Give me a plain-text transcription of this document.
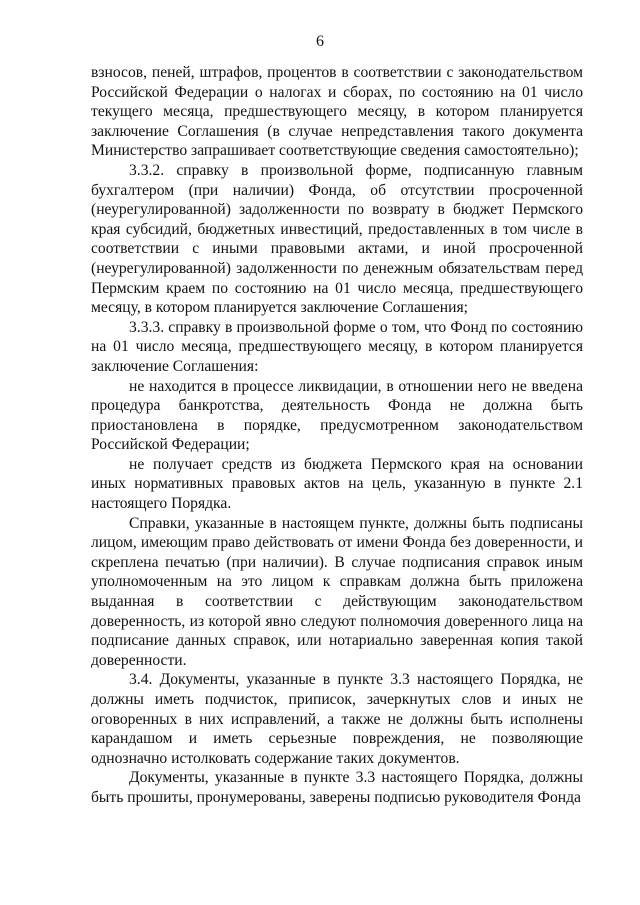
6

взносов, пеней, штрафов, процентов в соответствии с законодательством Российской Федерации о налогах и сборах, по состоянию на 01 число текущего месяца, предшествующего месяцу, в котором планируется заключение Соглашения (в случае непредставления такого документа Министерство запрашивает соответствующие сведения самостоятельно);

3.3.2. справку в произвольной форме, подписанную главным бухгалтером (при наличии) Фонда, об отсутствии просроченной (неурегулированной) задолженности по возврату в бюджет Пермского края субсидий, бюджетных инвестиций, предоставленных в том числе в соответствии с иными правовыми актами, и иной просроченной (неурегулированной) задолженности по денежным обязательствам перед Пермским краем по состоянию на 01 число месяца, предшествующего месяцу, в котором планируется заключение Соглашения;

3.3.3. справку в произвольной форме о том, что Фонд по состоянию на 01 число месяца, предшествующего месяцу, в котором планируется заключение Соглашения:

не находится в процессе ликвидации, в отношении него не введена процедура банкротства, деятельность Фонда не должна быть приостановлена в порядке, предусмотренном законодательством Российской Федерации;

не получает средств из бюджета Пермского края на основании иных нормативных правовых актов на цель, указанную в пункте 2.1 настоящего Порядка.

Справки, указанные в настоящем пункте, должны быть подписаны лицом, имеющим право действовать от имени Фонда без доверенности, и скреплена печатью (при наличии). В случае подписания справок иным уполномоченным на это лицом к справкам должна быть приложена выданная в соответствии с действующим законодательством доверенность, из которой явно следуют полномочия доверенного лица на подписание данных справок, или нотариально заверенная копия такой доверенности.

3.4. Документы, указанные в пункте 3.3 настоящего Порядка, не должны иметь подчисток, приписок, зачеркнутых слов и иных не оговоренных в них исправлений, а также не должны быть исполнены карандашом и иметь серьезные повреждения, не позволяющие однозначно истолковать содержание таких документов.

Документы, указанные в пункте 3.3 настоящего Порядка, должны быть прошиты, пронумерованы, заверены подписью руководителя Фонда
